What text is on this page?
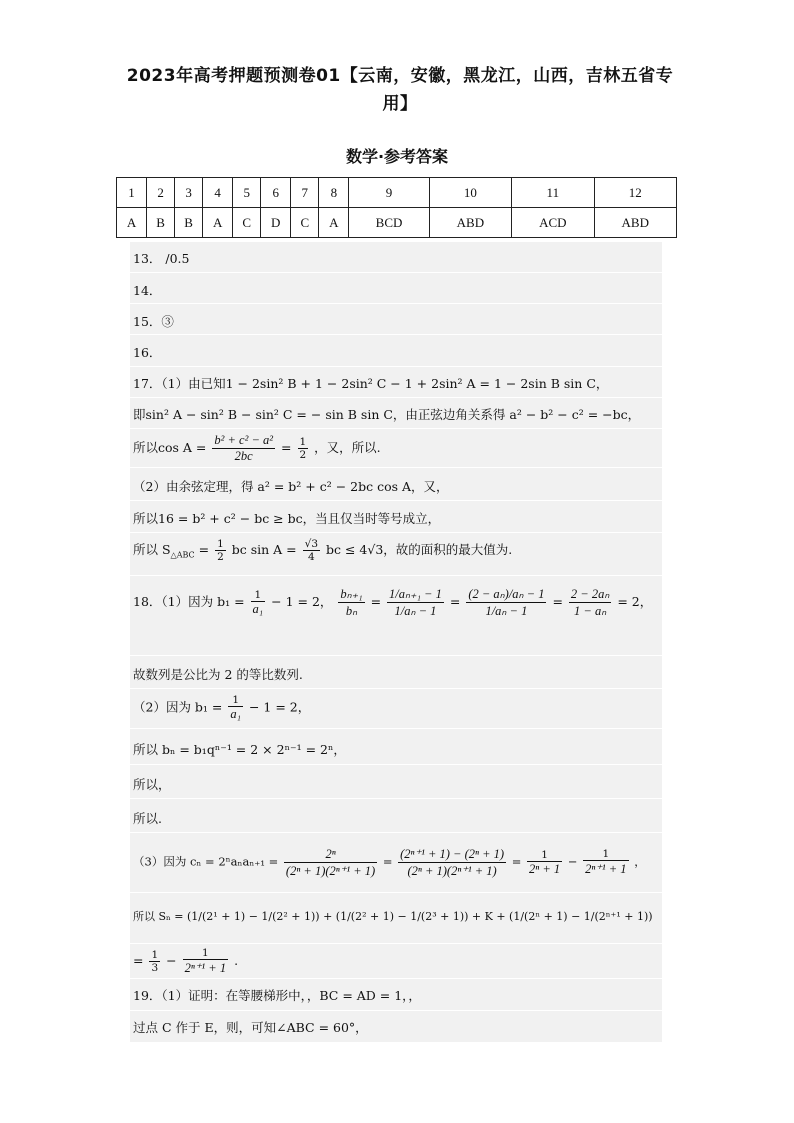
2023年高考押题预测卷01【云南，安徽，黑龙江，山西，吉林五省专用】
数学·参考答案
1	2	3	4	5	6	7	8	9	10	11	12
A	B	B	A	C	D	C	A	BCD	ABD	ACD	ABD
13． /0.5
14．
15．③
16．
17．（1）由已知1 − 2sin² B + 1 − 2sin² C − 1 + 2sin² A = 1 − 2sin B sin C，
即sin² A − sin² B − sin² C = − sin B sin C，由正弦边角关系得 a² − b² − c² = −bc，
所以$\cos A = \frac{\text{b² + c² − a²}}{2bc} = \frac{1}{2}$ ，又，所以.
（2）由余弦定理，得 a² = b² + c² − 2bc cos A，又，
所以16 = b² + c² − bc ≥ bc，当且仅当时等号成立，
所以 $S_{\triangle ABC} = \frac{1}{2}$ bc $\sin A = \frac{√3}{4}$ bc ≤ 4√3，故的面积的最大值为.
18．（1）因为 $b_1 = \frac{1}{\text{a₁}} - 1 = 2$， $\frac{\text{bₙ₊₁}}{\text{bₙ}} = \frac{\text{1/aₙ₊₁ − 1}}{\text{1/aₙ − 1}} = \frac{\text{(2 − aₙ)/aₙ − 1}}{\text{1/aₙ − 1}} = \frac{\text{2 − 2aₙ}}{\text{1 − aₙ}} = 2$，
故数列是公比为 2 的等比数列.
（2）因为 $b_1 = \frac{1}{\text{a₁}} - 1 = 2$，
所以 bₙ = b₁qⁿ⁻¹ = 2 × 2ⁿ⁻¹ = 2ⁿ，
所以，
所以.
（3）因为 $c_n = 2^na_na_{n+1} = \frac{\text{2ⁿ}}{\text{(2ⁿ + 1)(2ⁿ⁺¹ + 1)}} = \frac{\text{(2ⁿ⁺¹ + 1) − (2ⁿ + 1)}}{\text{(2ⁿ + 1)(2ⁿ⁺¹ + 1)}} = \frac{1}{\text{2ⁿ + 1}} - \frac{1}{\text{2ⁿ⁺¹ + 1}}$ ，
所以 Sₙ = (1/(2¹ + 1) − 1/(2² + 1)) + (1/(2² + 1) − 1/(2³ + 1)) + K + (1/(2ⁿ + 1) − 1/(2ⁿ⁺¹ + 1))
= $\frac{1}{3} - \frac{1}{\text{2ⁿ⁺¹ + 1}}$ .
19．（1）证明：在等腰梯形中，，BC = AD = 1，，
过点 C 作于 E，则，可知∠ABC = 60°，
